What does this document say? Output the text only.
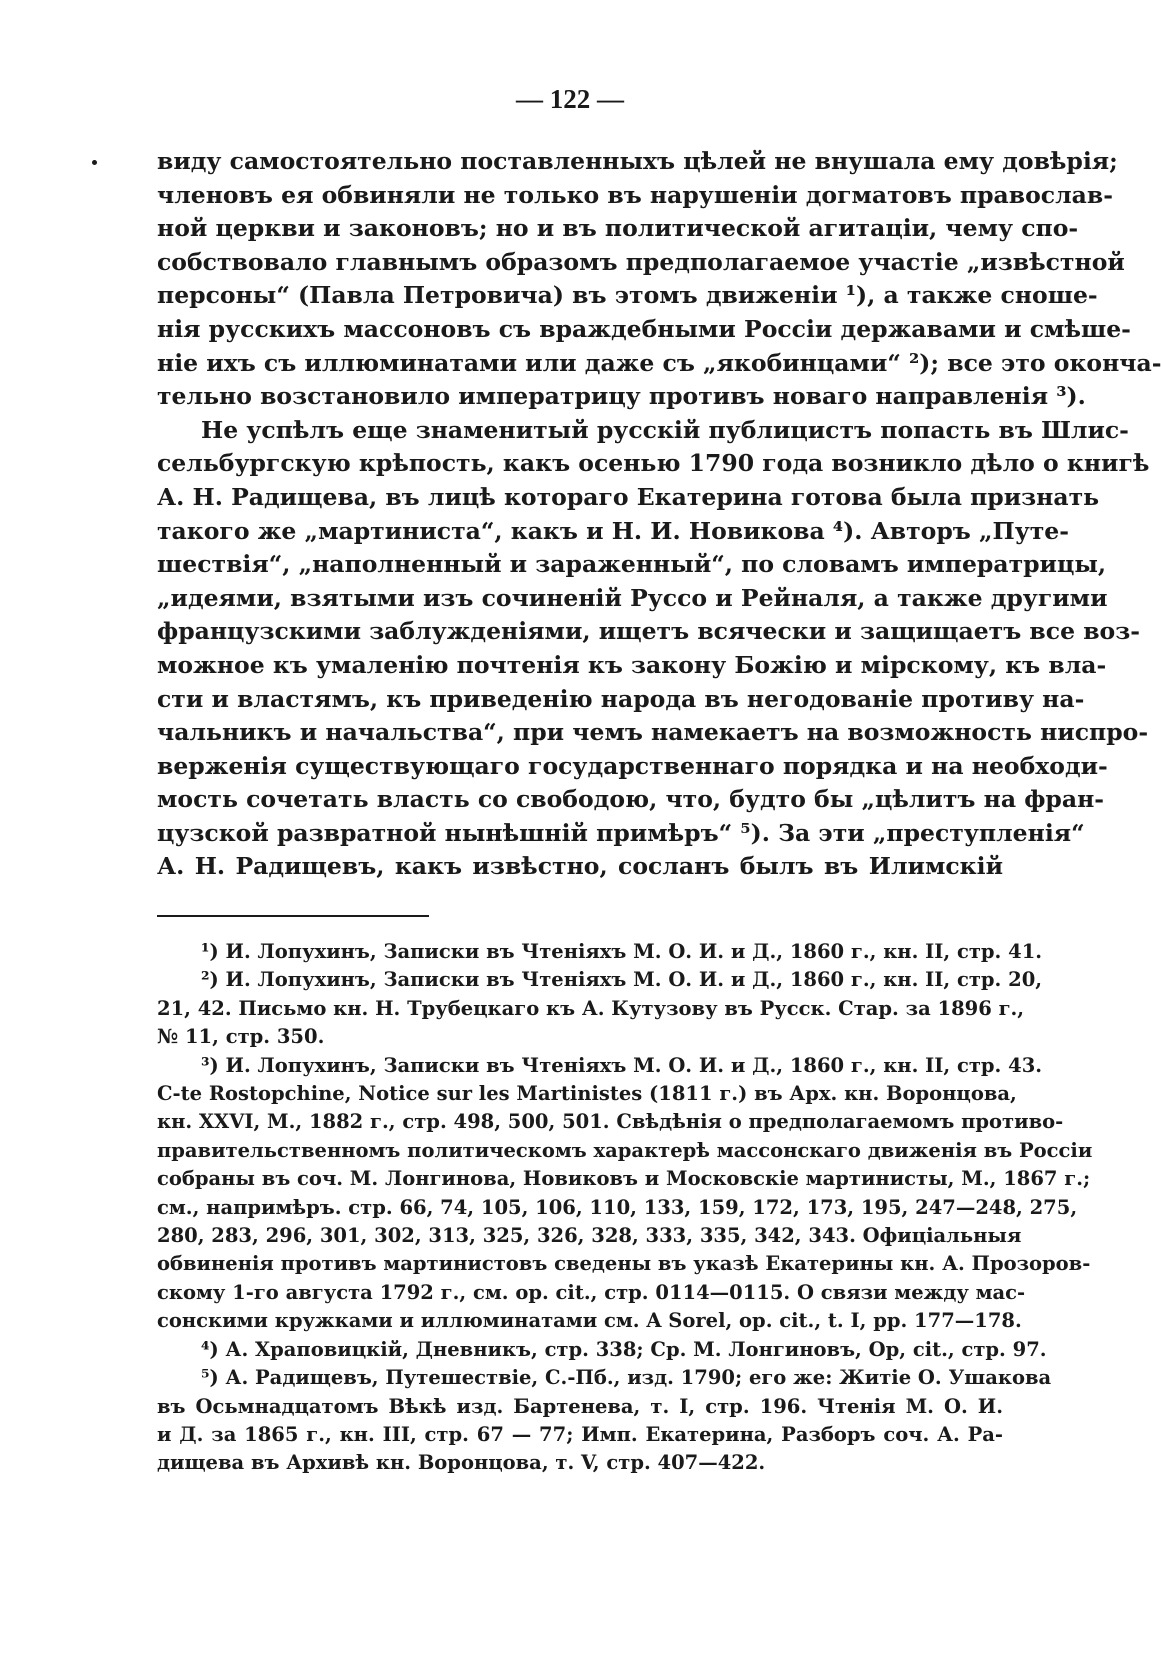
— 122 —
виду самостоятельно поставленныхъ цѣлей не внушала ему довѣрія;
членовъ ея обвиняли не только въ нарушеніи догматовъ православ-
ной церкви и законовъ; но и въ политической агитаціи, чему спо-
собствовало главнымъ образомъ предполагаемое участіе „извѣстной
персоны“ (Павла Петровича) въ этомъ движеніи ¹), а также сноше-
нія русскихъ массоновъ съ враждебными Россіи державами и смѣше-
ніе ихъ съ иллюминатами или даже съ „якобинцами“ ²); все это оконча-
тельно возстановило императрицу противъ новаго направленія ³).
Не успѣлъ еще знаменитый русскій публицистъ попасть въ Шлис-
сельбургскую крѣпость, какъ осенью 1790 года возникло дѣло о книгѣ
А. Н. Радищева, въ лицѣ котораго Екатерина готова была признать
такого же „мартиниста“, какъ и Н. И. Новикова ⁴). Авторъ „Путе-
шествія“, „наполненный и зараженный“, по словамъ императрицы,
„идеями, взятыми изъ сочиненій Руссо и Рейналя, а также другими
французскими заблужденіями, ищетъ всячески и защищаетъ все воз-
можное къ умаленію почтенія къ закону Божію и мірскому, къ вла-
сти и властямъ, къ приведенію народа въ негодованіе противу на-
чальникъ и начальства“, при чемъ намекаетъ на возможность ниспро-
верженія существующаго государственнаго порядка и на необходи-
мость сочетать власть со свободою, что, будто бы „цѣлитъ на фран-
цузской развратной нынѣшній примѣръ“ ⁵). За эти „преступленія“
А. Н. Радищевъ, какъ извѣстно, сосланъ былъ въ Илимскій
¹) И. Лопухинъ, Записки въ Чтеніяхъ М. О. И. и Д., 1860 г., кн. II, стр. 41.
²) И. Лопухинъ, Записки въ Чтеніяхъ М. О. И. и Д., 1860 г., кн. II, стр. 20,
21, 42. Письмо кн. Н. Трубецкаго къ А. Кутузову въ Русск. Стар. за 1896 г.,
№ 11, стр. 350.
³) И. Лопухинъ, Записки въ Чтеніяхъ М. О. И. и Д., 1860 г., кн. II, стр. 43.
C-te Rostopchine, Notice sur les Martinistes (1811 г.) въ Арх. кн. Воронцова,
кн. XXVI, М., 1882 г., стр. 498, 500, 501. Свѣдѣнія о предполагаемомъ противо-
правительственномъ политическомъ характерѣ массонскаго движенія въ Россіи
собраны въ соч. М. Лонгинова, Новиковъ и Московскіе мартинисты, М., 1867 г.;
см., напримѣръ. стр. 66, 74, 105, 106, 110, 133, 159, 172, 173, 195, 247—248, 275,
280, 283, 296, 301, 302, 313, 325, 326, 328, 333, 335, 342, 343. Офиціальныя
обвиненія противъ мартинистовъ сведены въ указѣ Екатерины кн. А. Прозоров-
скому 1-го августа 1792 г., см. op. cit., стр. 0114—0115. О связи между мас-
сонскими кружками и иллюминатами см. A Sorel, op. cit., t. I, pp. 177—178.
⁴) А. Храповицкій, Дневникъ, стр. 338; Ср. М. Лонгиновъ, Op, cit., стр. 97.
⁵) А. Радищевъ, Путешествіе, С.-Пб., изд. 1790; его же: Житіе О. Ушакова
въ Осьмнадцатомъ Вѣкѣ изд. Бартенева, т. I, стр. 196. Чтенія М. О. И.
и Д. за 1865 г., кн. III, стр. 67 — 77; Имп. Екатерина, Разборъ соч. А. Ра-
дищева въ Архивѣ кн. Воронцова, т. V, стр. 407—422.
